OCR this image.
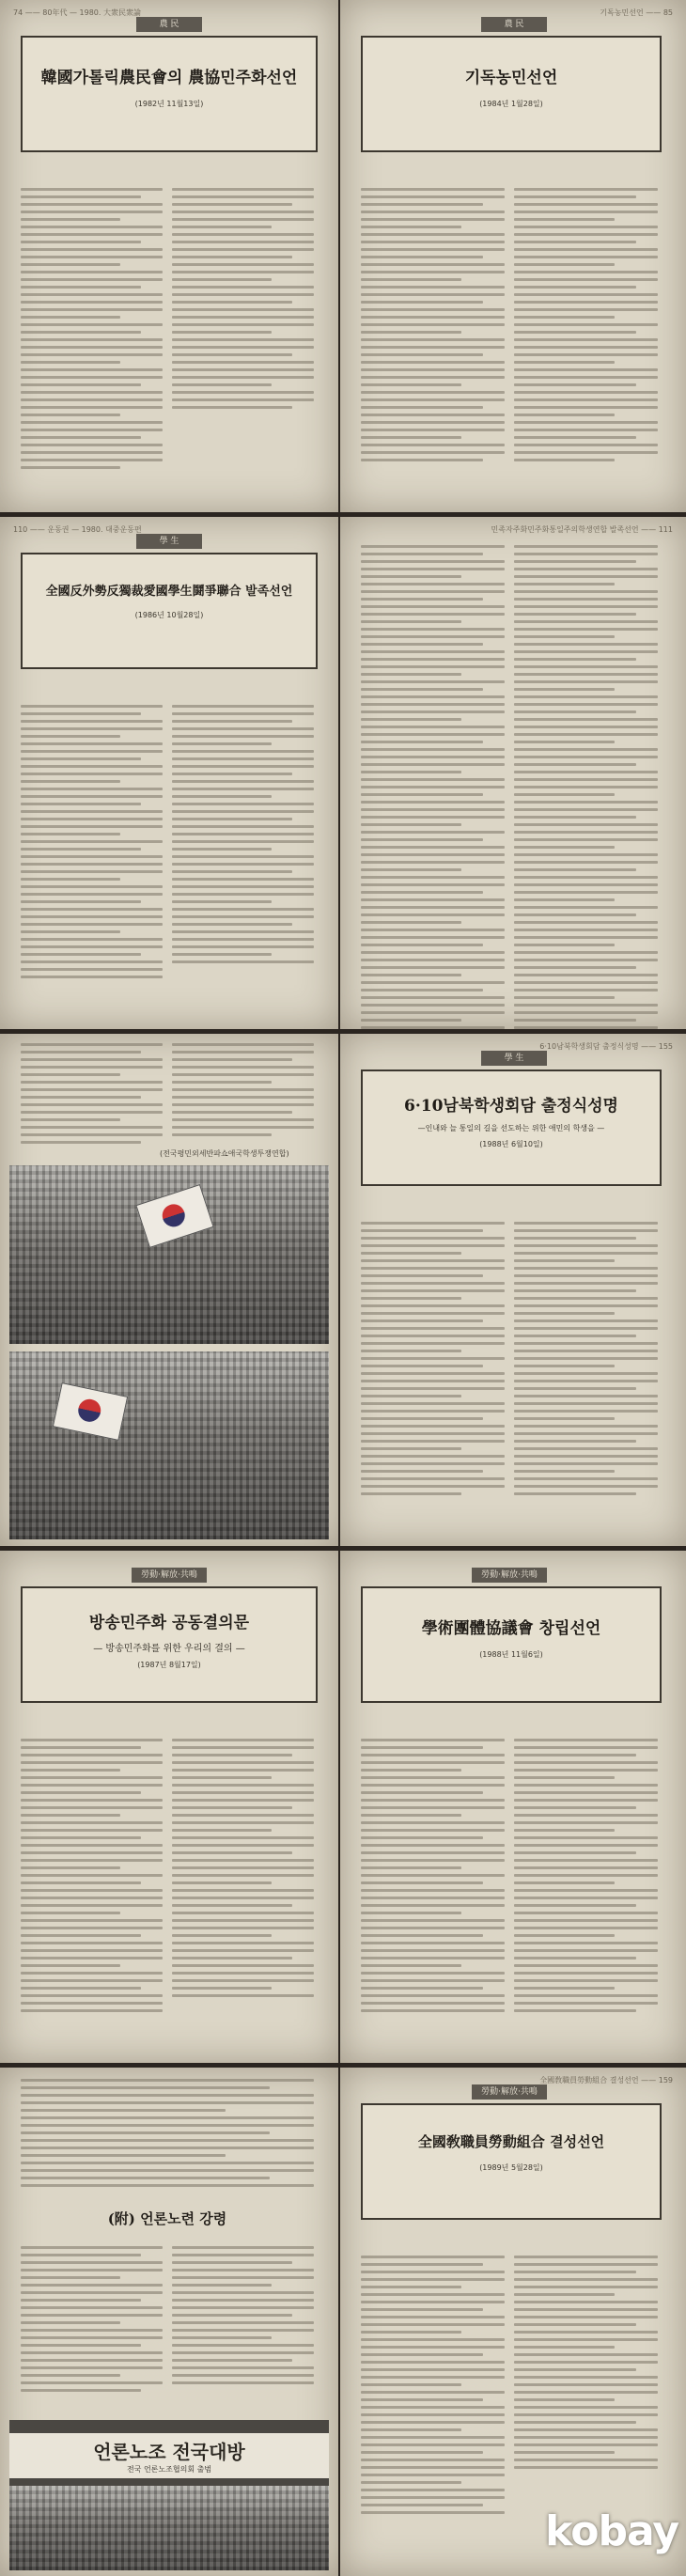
74 —— 80年代 — 1980. 大衆民衆論
農 民
韓國가톨릭農民會의 農協민주화선언
(1982년 11월13일)
기독농민선언 —— 85
農 民
기독농민선언
(1984년 1월28일)
110 —— 운동권 — 1980. 대중운동편
學 生
全國反外勢反獨裁愛國學生鬪爭聯合 발족선언
(1986년 10월28일)
민족자주화민주화통일주의학생연합 발족선언 —— 111
(전국평민외세반파쇼애국학생투쟁연합)
6·10남북학생회담 출정식성명 —— 155
學 生
6·10남북학생회담 출정식성명
—인내와 늘 통일의 길을 선도하는 위한 애민의 학생을 —
(1988년 6월10일)
勞動·解放·共鳴
방송민주화 공동결의문
— 방송민주화를 위한 우리의 결의 —
(1987년 8월17일)
勞動·解放·共鳴
學術團體協議會 창립선언
(1988년 11월6일)
(附) 언론노련 강령
언론노조 전국대방
전국 언론노조협의회 출범
全國敎職員勞動組合 결성선언 —— 159
勞動·解放·共鳴
全國敎職員勞動組合 결성선언
(1989년 5월28일)
kobay
